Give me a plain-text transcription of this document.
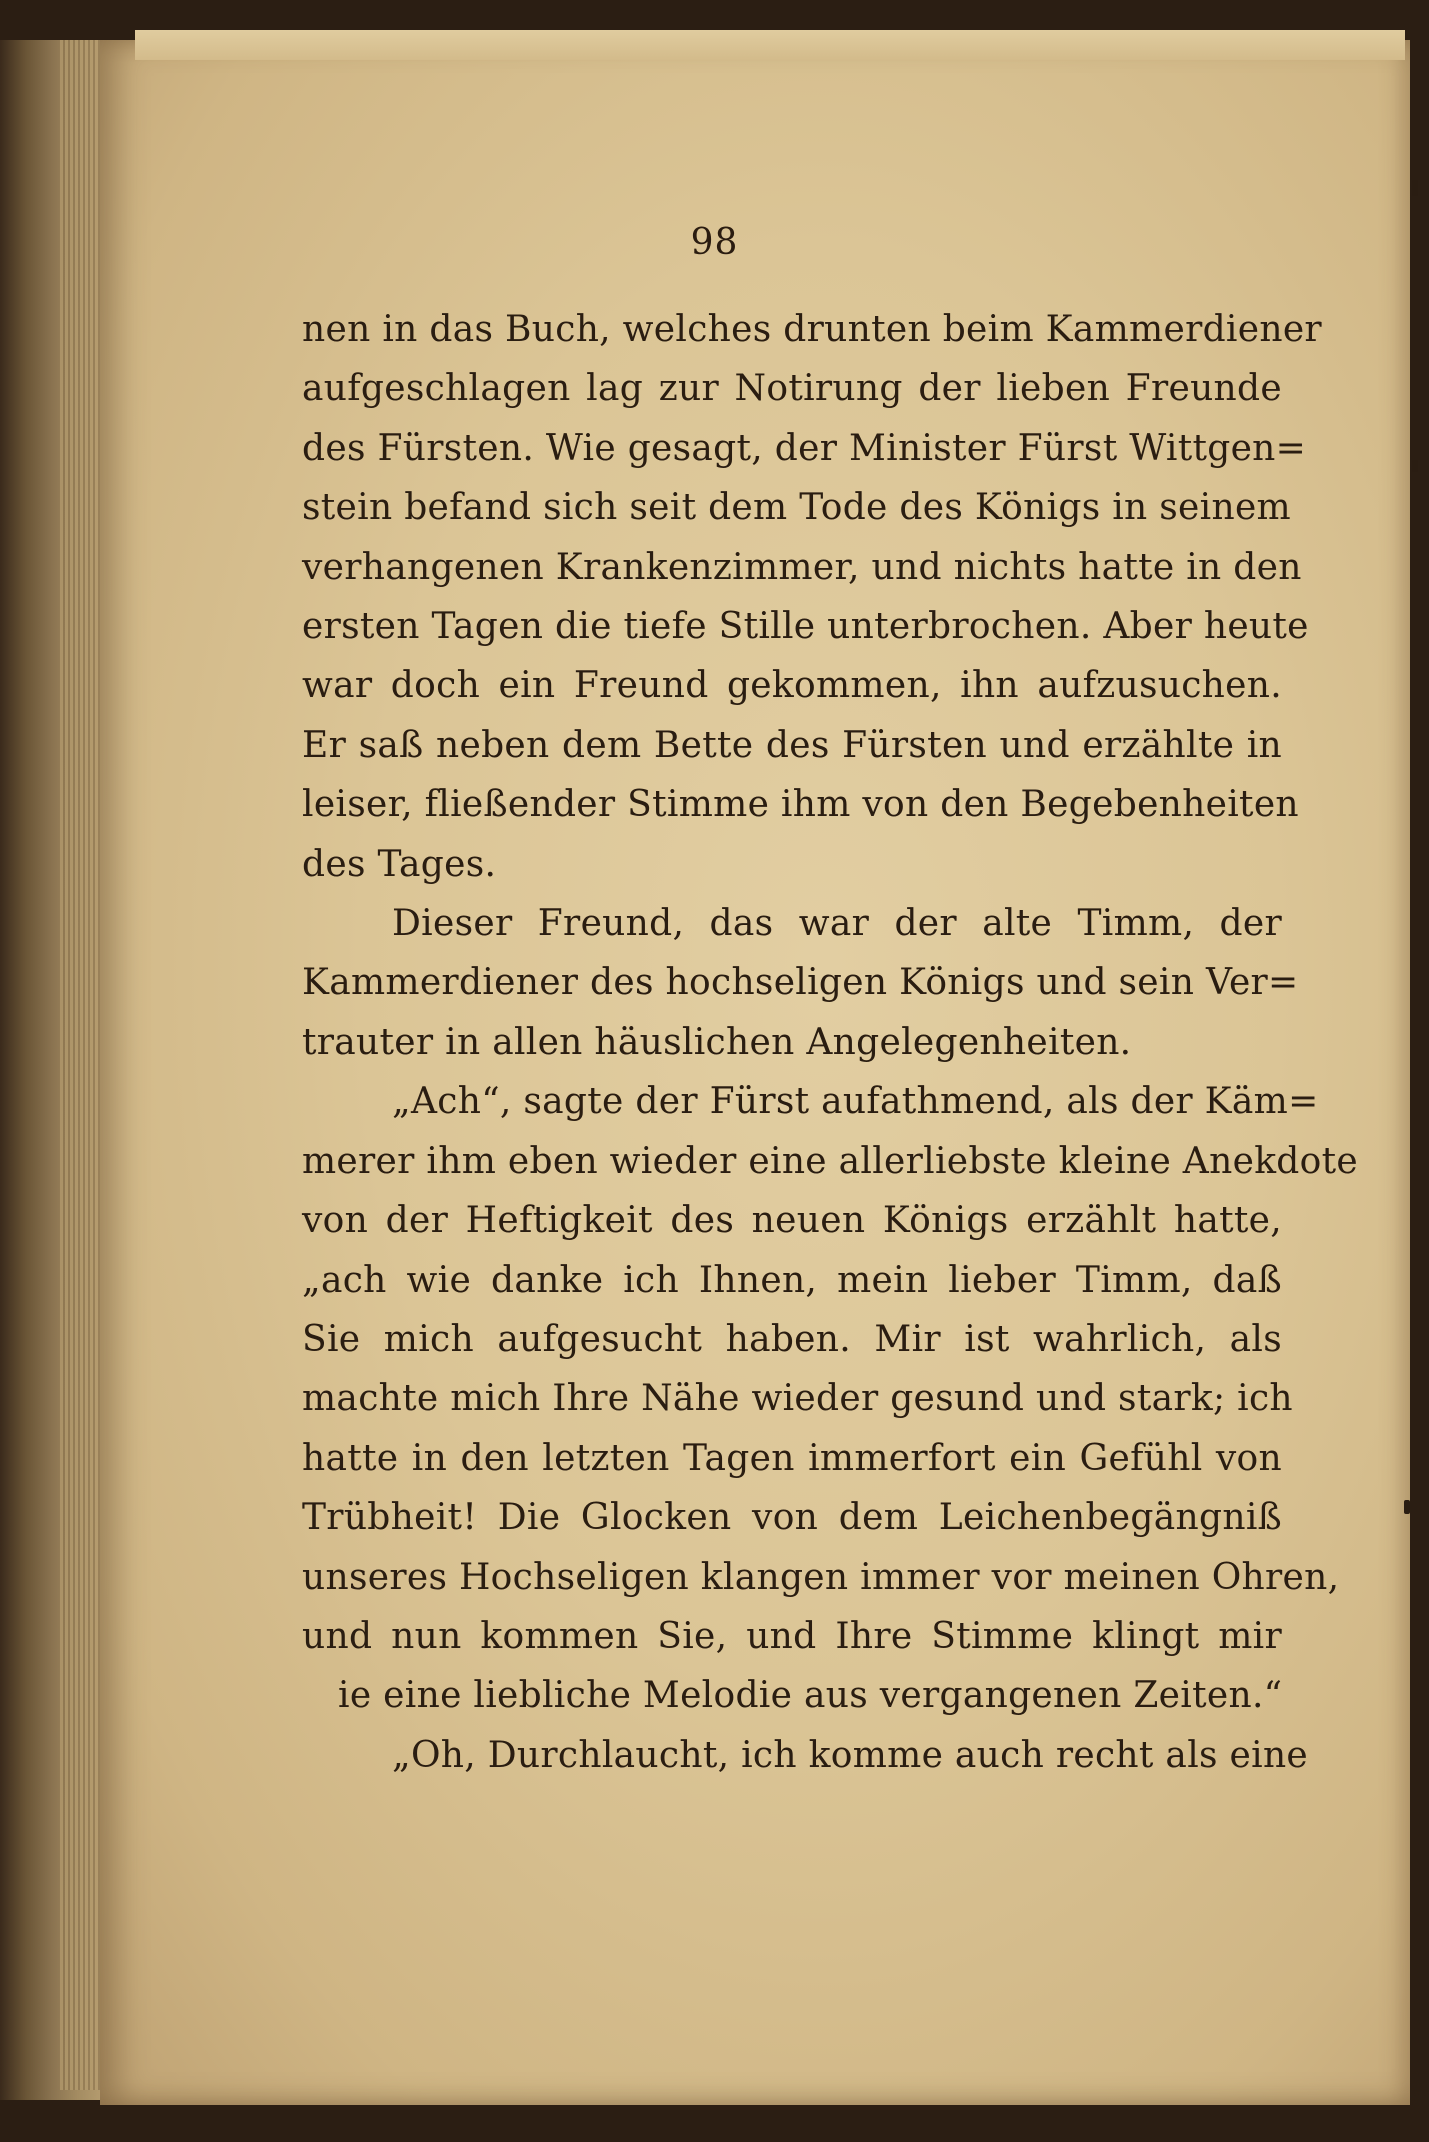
98
nen in das Buch, welches drunten beim Kammerdiener
aufgeschlagen lag zur Notirung der lieben Freunde
des Fürsten. Wie gesagt, der Minister Fürst Wittgen=
stein befand sich seit dem Tode des Königs in seinem
verhangenen Krankenzimmer, und nichts hatte in den
ersten Tagen die tiefe Stille unterbrochen. Aber heute
war doch ein Freund gekommen, ihn aufzusuchen.
Er saß neben dem Bette des Fürsten und erzählte in
leiser, fließender Stimme ihm von den Begebenheiten
des Tages.
Dieser Freund, das war der alte Timm, der
Kammerdiener des hochseligen Königs und sein Ver=
trauter in allen häuslichen Angelegenheiten.
„Ach“, sagte der Fürst aufathmend, als der Käm=
merer ihm eben wieder eine allerliebste kleine Anekdote
von der Heftigkeit des neuen Königs erzählt hatte,
„ach wie danke ich Ihnen, mein lieber Timm, daß
Sie mich aufgesucht haben. Mir ist wahrlich, als
machte mich Ihre Nähe wieder gesund und stark; ich
hatte in den letzten Tagen immerfort ein Gefühl von
Trübheit! Die Glocken von dem Leichenbegängniß
unseres Hochseligen klangen immer vor meinen Ohren,
und nun kommen Sie, und Ihre Stimme klingt mir
ie eine liebliche Melodie aus vergangenen Zeiten.“
„Oh, Durchlaucht, ich komme auch recht als eine
